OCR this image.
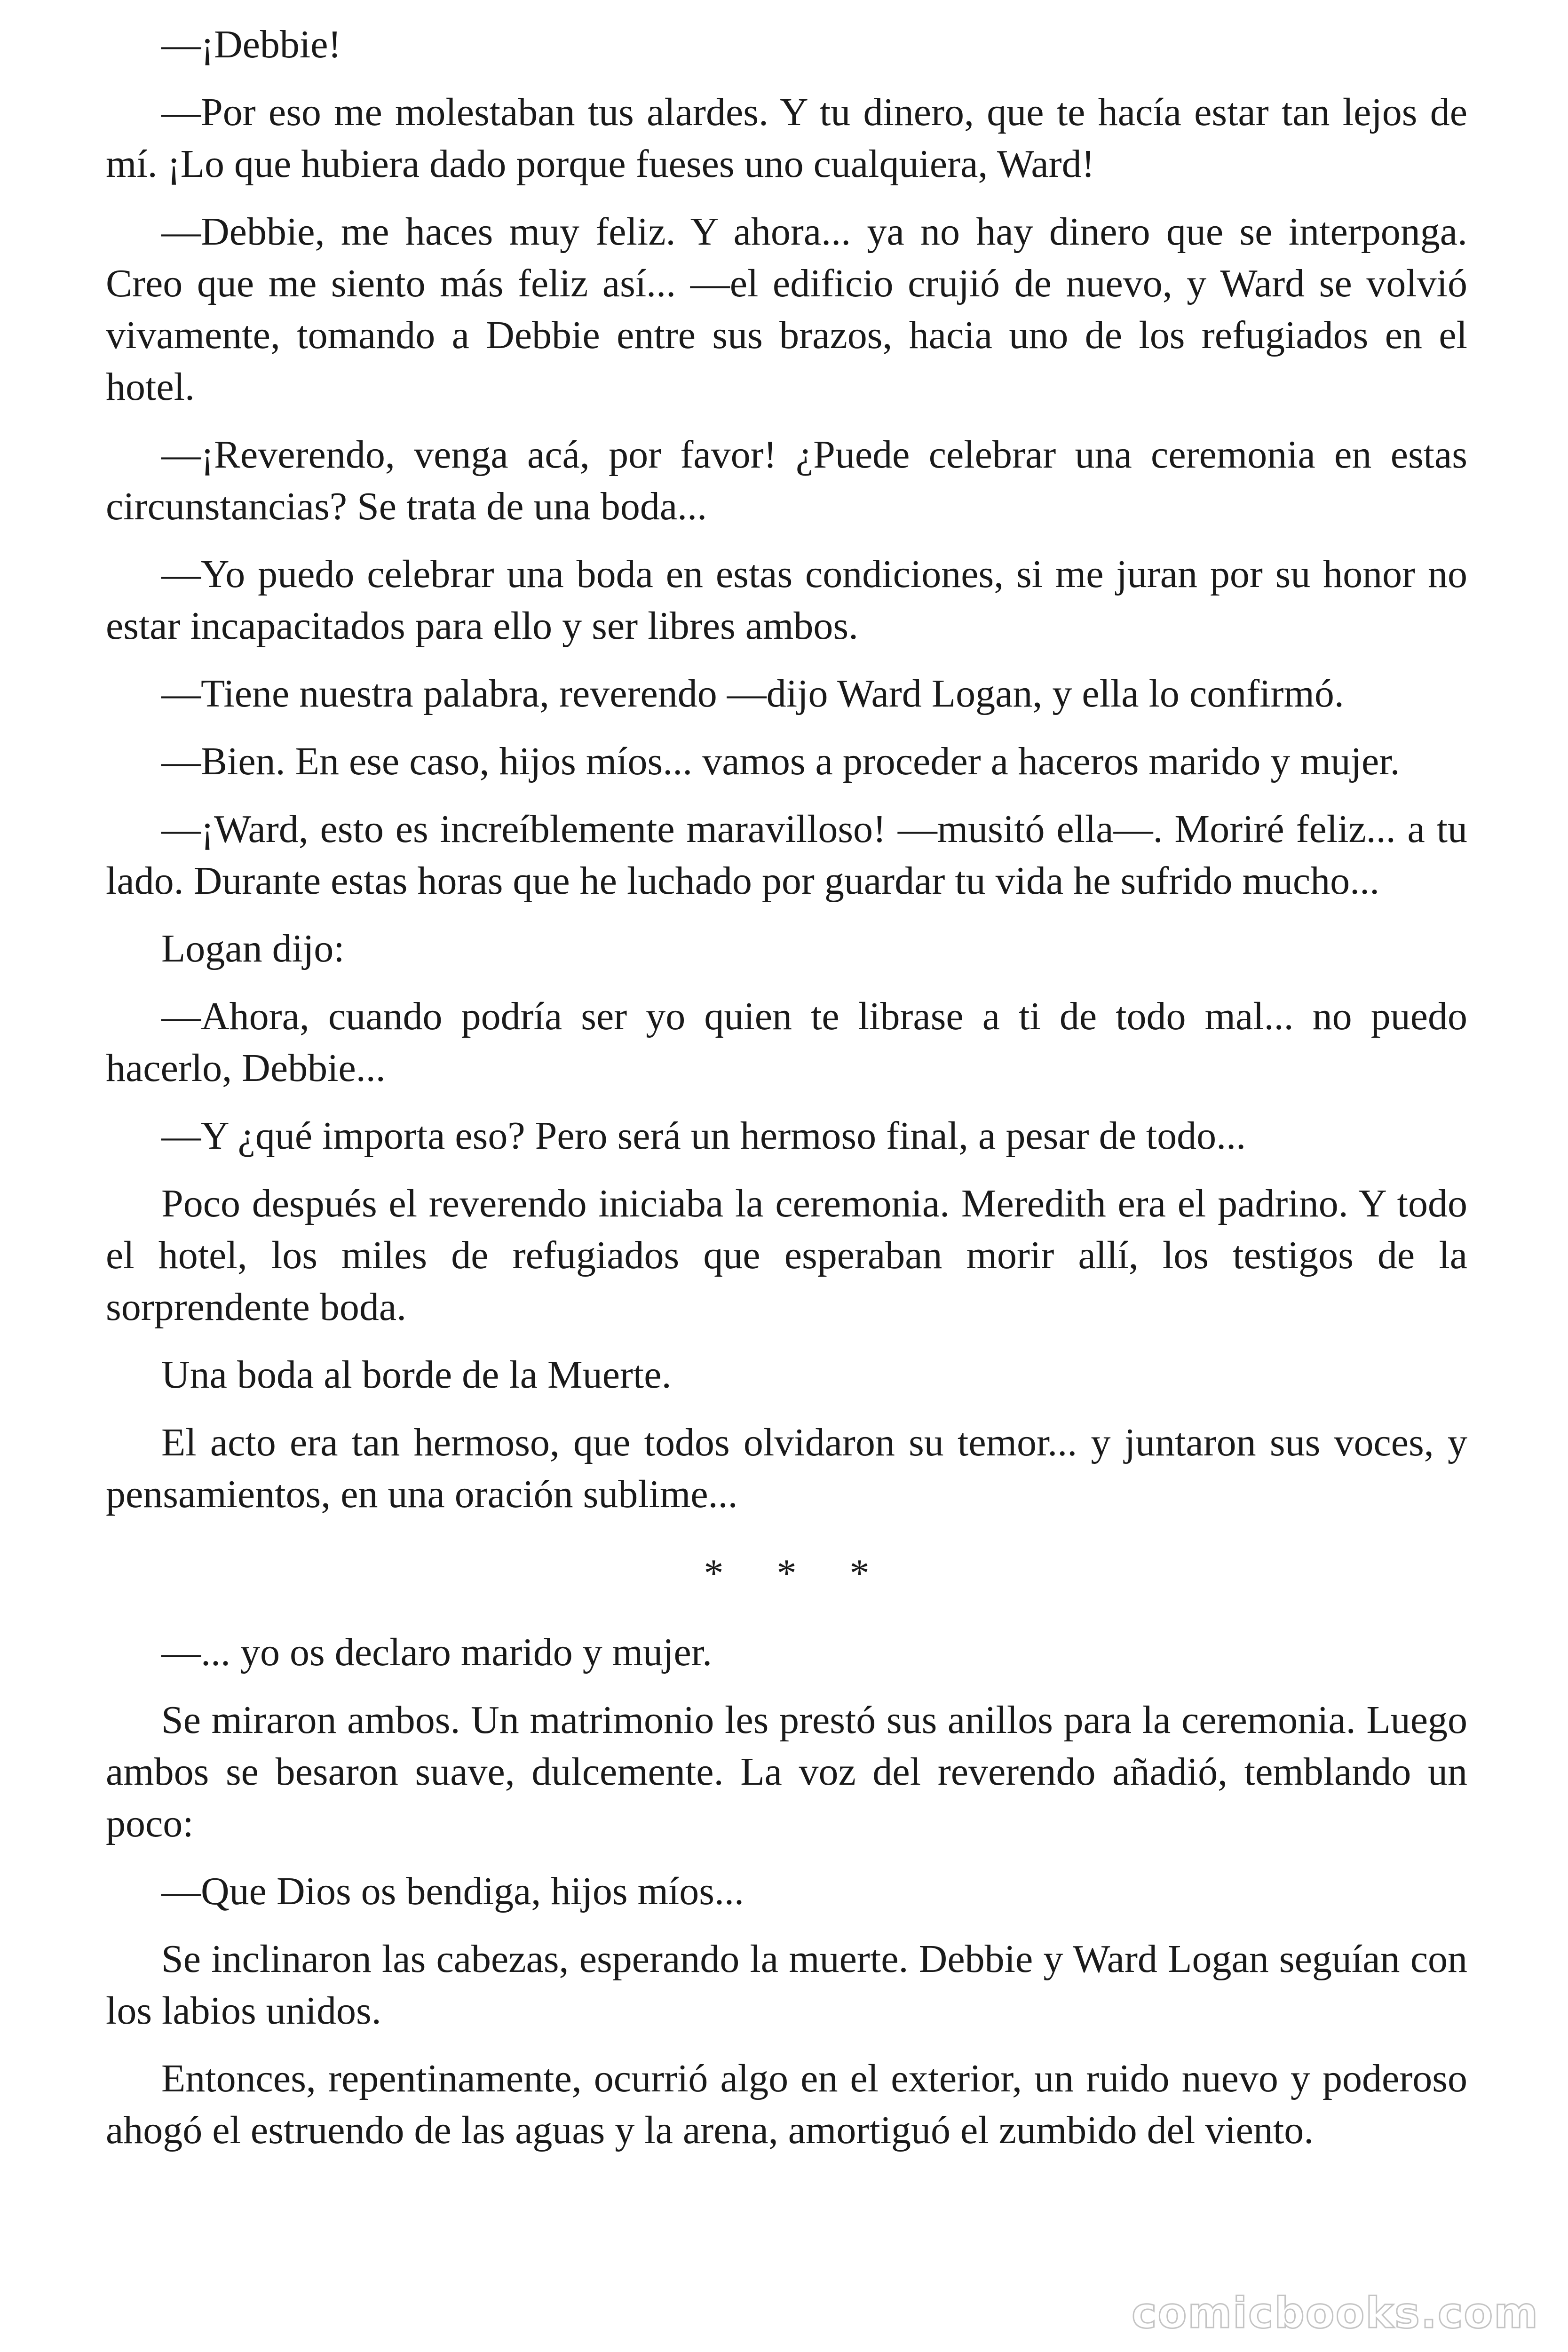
—¡Debbie!

—Por eso me molestaban tus alardes. Y tu dinero, que te hacía estar tan lejos de mí. ¡Lo que hubiera dado porque fueses uno cualquiera, Ward!

—Debbie, me haces muy feliz. Y ahora... ya no hay dinero que se interponga. Creo que me siento más feliz así... —el edificio crujió de nuevo, y Ward se volvió vivamente, tomando a Debbie entre sus brazos, hacia uno de los refugiados en el hotel.

—¡Reverendo, venga acá, por favor! ¿Puede celebrar una ceremonia en estas circunstancias? Se trata de una boda...

—Yo puedo celebrar una boda en estas condiciones, si me juran por su honor no estar incapacitados para ello y ser libres ambos.

—Tiene nuestra palabra, reverendo —dijo Ward Logan, y ella lo confirmó.

—Bien. En ese caso, hijos míos... vamos a proceder a haceros marido y mujer.

—¡Ward, esto es increíblemente maravilloso! —musitó ella—. Moriré feliz... a tu lado. Durante estas horas que he luchado por guardar tu vida he sufrido mucho...

Logan dijo:

—Ahora, cuando podría ser yo quien te librase a ti de todo mal... no puedo hacerlo, Debbie...

—Y ¿qué importa eso? Pero será un hermoso final, a pesar de todo...

Poco después el reverendo iniciaba la ceremonia. Meredith era el padrino. Y todo el hotel, los miles de refugiados que esperaban morir allí, los testigos de la sorprendente boda.

Una boda al borde de la Muerte.

El acto era tan hermoso, que todos olvidaron su temor... y juntaron sus voces, y pensamientos, en una oración sublime...

* * *

—... yo os declaro marido y mujer.

Se miraron ambos. Un matrimonio les prestó sus anillos para la ceremonia. Luego ambos se besaron suave, dulcemente. La voz del reverendo añadió, temblando un poco:

—Que Dios os bendiga, hijos míos...

Se inclinaron las cabezas, esperando la muerte. Debbie y Ward Logan seguían con los labios unidos.

Entonces, repentinamente, ocurrió algo en el exterior, un ruido nuevo y poderoso ahogó el estruendo de las aguas y la arena, amortiguó el zumbido del viento.

comicbooks.com
